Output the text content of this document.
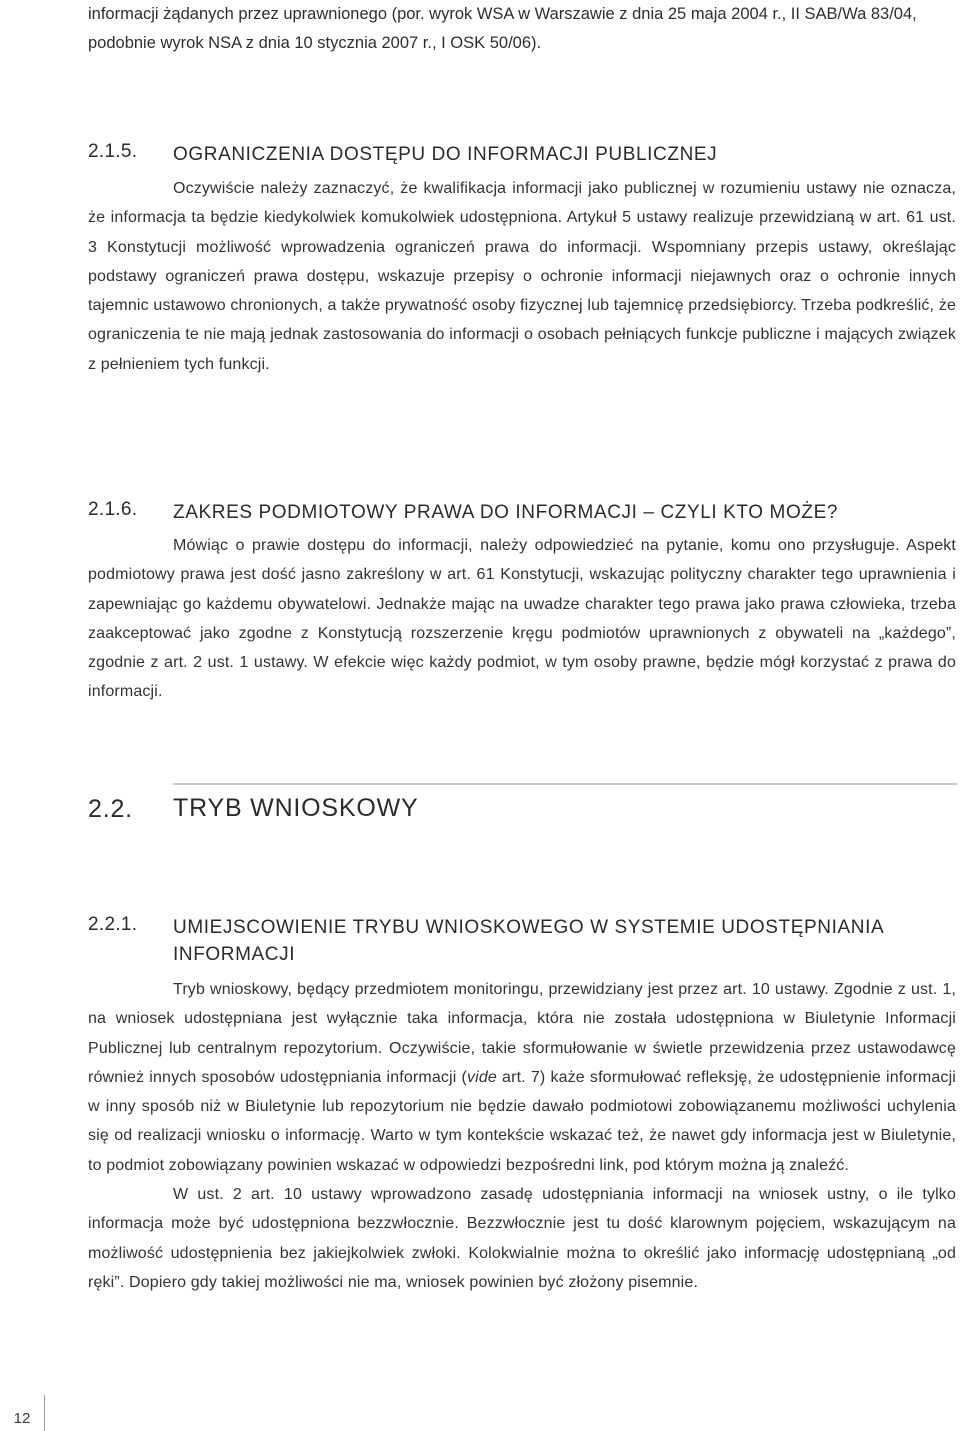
informacji żądanych przez uprawnionego (por. wyrok WSA w Warszawie z dnia 25 maja 2004 r., II SAB/Wa 83/04, podobnie wyrok NSA z dnia 10 stycznia 2007 r., I OSK 50/06).
2.1.5. OGRANICZENIA DOSTĘPU DO INFORMACJI PUBLICZNEJ

Oczywiście należy zaznaczyć, że kwalifikacja informacji jako publicznej w rozumieniu ustawy nie oznacza, że informacja ta będzie kiedykolwiek komukolwiek udostępniona. Artykuł 5 ustawy realizuje przewidzianą w art. 61 ust. 3 Konstytucji możliwość wprowadzenia ograniczeń prawa do informacji. Wspomniany przepis ustawy, określając podstawy ograniczeń prawa dostępu, wskazuje przepisy o ochronie informacji niejawnych oraz o ochronie innych tajemnic ustawowo chronionych, a także prywatność osoby fizycznej lub tajemnicę przedsiębiorcy. Trzeba podkreślić, że ograniczenia te nie mają jednak zastosowania do informacji o osobach pełniących funkcje publiczne i mających związek z pełnieniem tych funkcji.

2.1.6. ZAKRES PODMIOTOWY PRAWA DO INFORMACJI – CZYLI KTO MOŻE?

Mówiąc o prawie dostępu do informacji, należy odpowiedzieć na pytanie, komu ono przysługuje. Aspekt podmiotowy prawa jest dość jasno zakreślony w art. 61 Konstytucji, wskazując polityczny charakter tego uprawnienia i zapewniając go każdemu obywatelowi. Jednakże mając na uwadze charakter tego prawa jako prawa człowieka, trzeba zaakceptować jako zgodne z Konstytucją rozszerzenie kręgu podmiotów uprawnionych z obywateli na „każdego”, zgodnie z art. 2 ust. 1 ustawy. W efekcie więc każdy podmiot, w tym osoby prawne, będzie mógł korzystać z prawa do informacji.

2.2. TRYB WNIOSKOWY
2.2.1. UMIEJSCOWIENIE TRYBU WNIOSKOWEGO W SYSTEMIE UDOSTĘPNIANIA
INFORMACJI

Tryb wnioskowy, będący przedmiotem monitoringu, przewidziany jest przez art. 10 ustawy. Zgodnie z ust. 1, na wniosek udostępniana jest wyłącznie taka informacja, która nie została udostępniona w Biuletynie Informacji Publicznej lub centralnym repozytorium. Oczywiście, takie sformułowanie w świetle przewidzenia przez ustawodawcę również innych sposobów udostępniania informacji (vide art. 7) każe sformułować refleksję, że udostępnienie informacji w inny sposób niż w Biuletynie lub repozytorium nie będzie dawało podmiotowi zobowiązanemu możliwości uchylenia się od realizacji wniosku o informację. Warto w tym kontekście wskazać też, że nawet gdy informacja jest w Biuletynie, to podmiot zobowiązany powinien wskazać w odpowiedzi bezpośredni link, pod którym można ją znaleźć.

W ust. 2 art. 10 ustawy wprowadzono zasadę udostępniania informacji na wniosek ustny, o ile tylko informacja może być udostępniona bezzwłocznie. Bezzwłocznie jest tu dość klarownym pojęciem, wskazującym na możliwość udostępnienia bez jakiejkolwiek zwłoki. Kolokwialnie można to określić jako informację udostępnianą „od ręki”. Dopiero gdy takiej możliwości nie ma, wniosek powinien być złożony pisemnie.

12
